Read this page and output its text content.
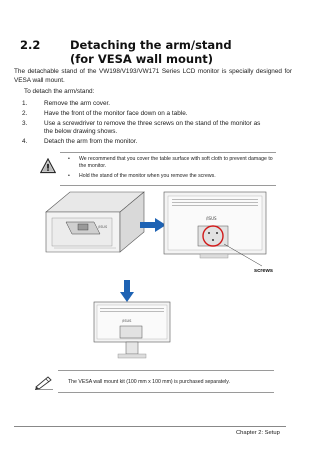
2.2	Detaching the arm/stand
(for VESA wall mount)
The detachable stand of the VW198/V193/VW171 Series LCD monitor is specially designed for VESA wall mount.
To detach the arm/stand:
1.	Remove the arm cover.
2.	Have the front of the monitor face down on a table.
3.	Use a screwdriver to remove the three screws on the stand of the monitor as the below drawing shows.
4.	Detach the arm from the monitor.
• We recommend that you cover the table surface with soft cloth to prevent damage to the monitor.
• Hold the stand of the monitor when you remove the screws.
/ISUS
/ISUS
screws
/ISUS
The VESA wall mount kit (100 mm x 100 mm) is purchased separately.
Chapter 2: Setup
